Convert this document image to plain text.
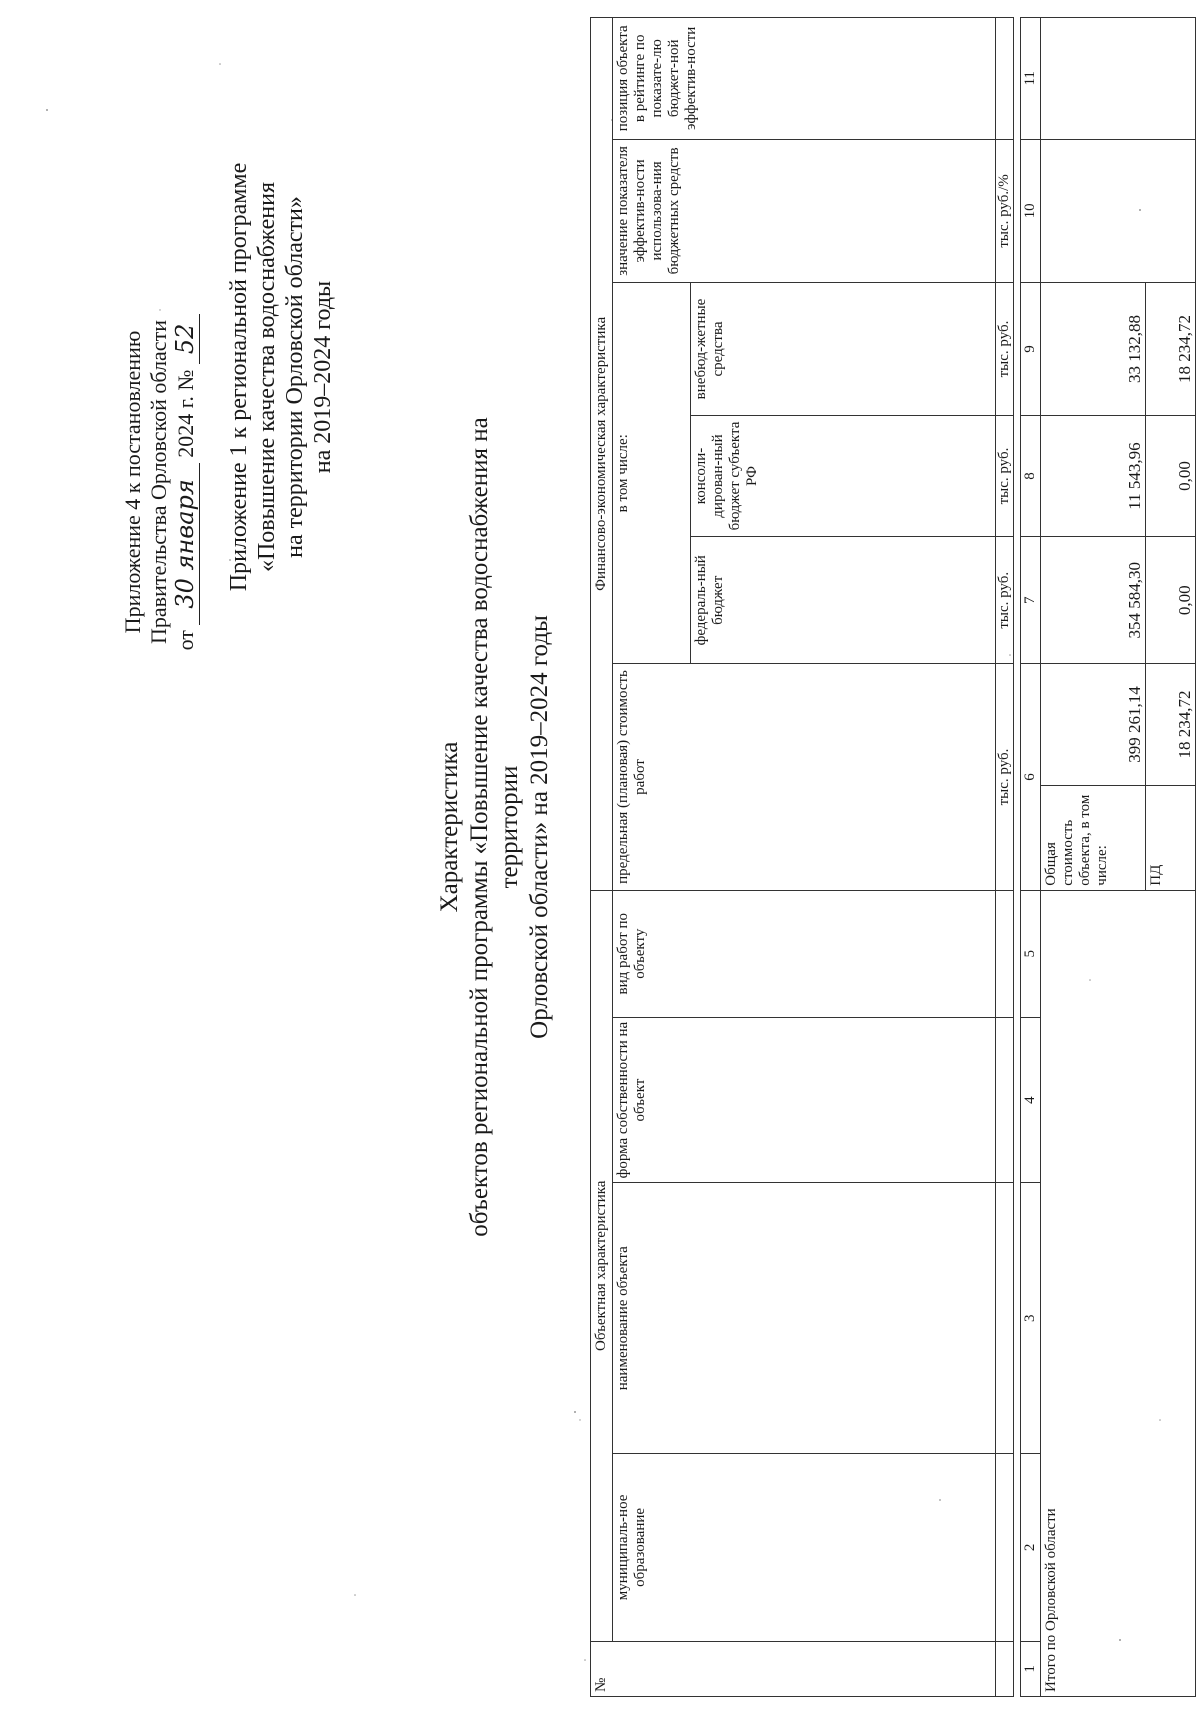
Приложение 4 к постановлению Правительства Орловской области от 30 января 2024 г. № 52 Приложение 1 к региональной программе «Повышение качества водоснабжения на территории Орловской области» на 2019–2024 годы
Характеристика объектов региональной программы «Повышение качества водоснабжения на территории Орловской области» на 2019–2024 годы
№	Объектная характеристика				Финансово-экономическая характеристика						
	муниципаль-ное образование	наименование объекта	форма собственности на объект	вид работ по объекту	предельная (плановая) стоимость работ		в том числе:			значение показателя эффектив-ности использова-ния бюджетных средств	позиция объекта в рейтинге по показате-лю бюджет-ной эффектив-ности
							федераль-ный бюджет	консоли-дирован-ный бюджет субъекта РФ	внебюд-жетные средства		
					тыс. руб.		тыс. руб.	тыс. руб.	тыс. руб.	тыс. руб./%	

1	2	3	4	5	6		7	8	9	10	11
Итого по Орловской области					Общая стоимость объекта, в том числе:	399 261,14	354 584,30	11 543,96	33 132,88		
					ПД	18 234,72	0,00	0,00	18 234,72		
